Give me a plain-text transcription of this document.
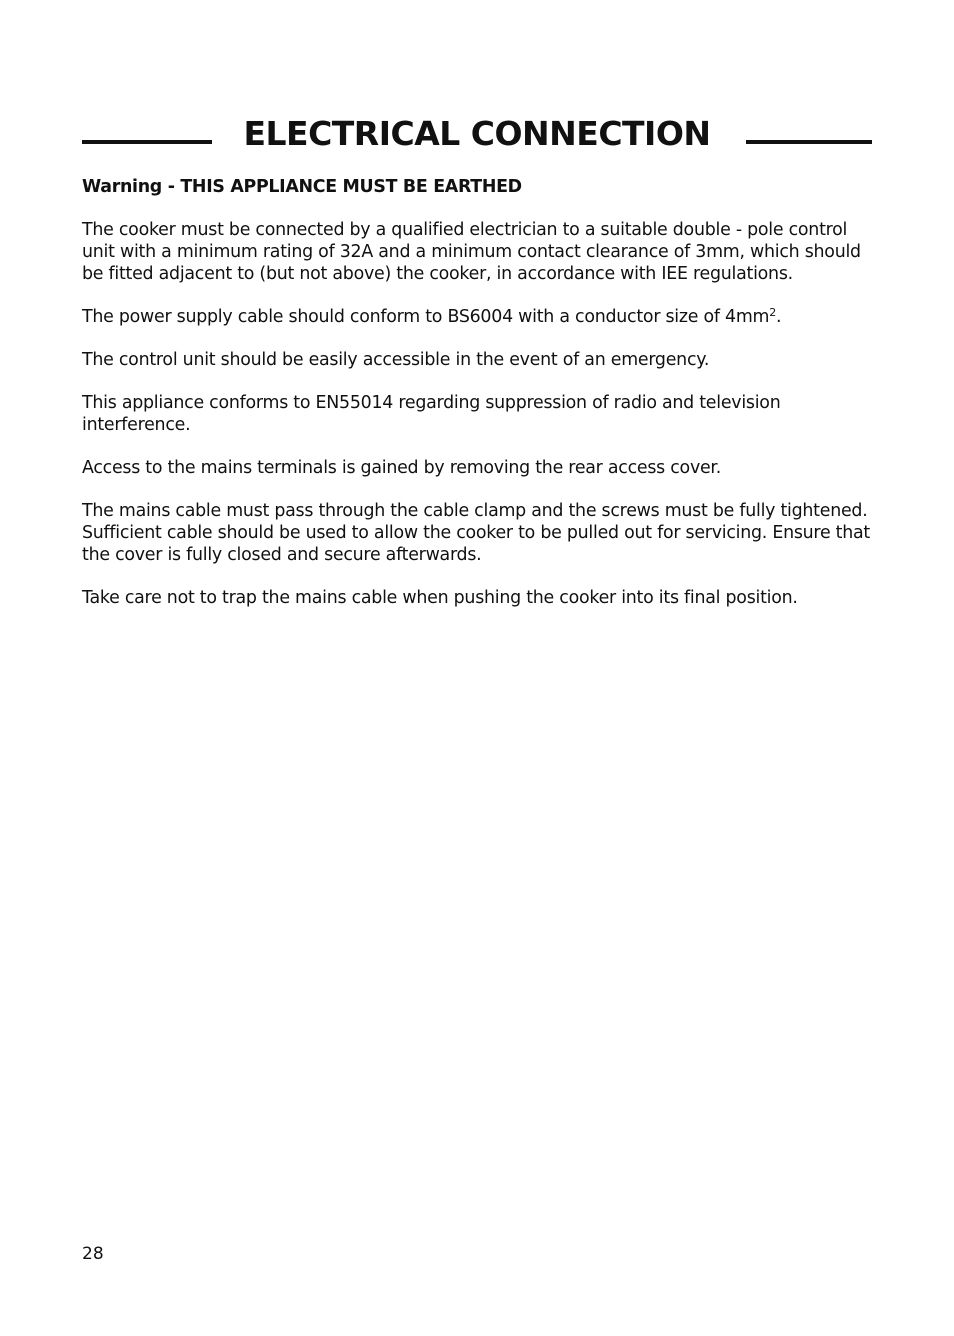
ELECTRICAL CONNECTION

Warning - THIS APPLIANCE MUST BE EARTHED

The cooker must be connected by a qualified electrician to a suitable double - pole control unit with a minimum rating of 32A and a minimum contact clearance of 3mm, which should be fitted adjacent to (but not above) the cooker, in accordance with IEE regulations.

The power supply cable should conform to BS6004 with a conductor size of $4mm^2$.

The control unit should be easily accessible in the event of an emergency.

This appliance conforms to EN55014 regarding suppression of radio and television interference.

Access to the mains terminals is gained by removing the rear access cover.

The mains cable must pass through the cable clamp and the screws must be fully tightened. Sufficient cable should be used to allow the cooker to be pulled out for servicing. Ensure that the cover is fully closed and secure afterwards.

Take care not to trap the mains cable when pushing the cooker into its final position.

28
